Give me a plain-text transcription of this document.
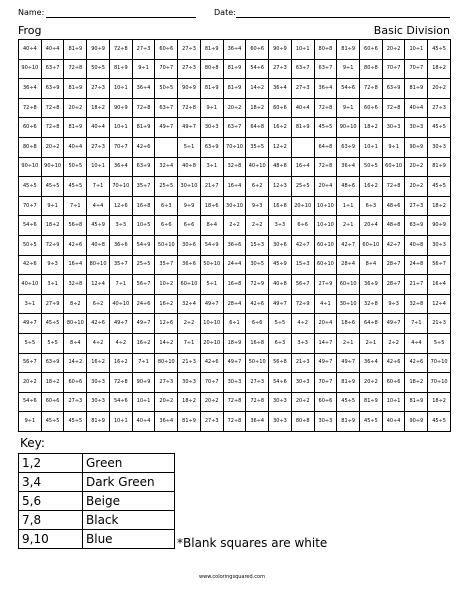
Name:	Date:
Frog	Basic Division
40÷4	40÷4	81÷9	90÷9	72÷8	27÷3	60÷6	27÷3	81÷9	36÷4	60÷6	90÷9	10÷1	80÷8	81÷9	60÷6	20÷2	10÷1	45÷5
90÷10	63÷7	72÷8	50÷5	81÷9	9÷1	70÷7	27÷3	80÷8	81÷9	54÷6	27÷3	63÷7	63÷7	9÷1	80÷8	70÷7	70÷7	18÷2
36÷4	63÷9	81÷9	27÷3	10÷1	36÷4	50÷5	90÷9	81÷9	81÷9	14÷2	36÷4	27÷3	36÷4	54÷6	72÷8	63÷9	81÷9	20÷2
72÷8	72÷8	20÷2	18÷2	90÷9	72÷8	63÷7	72÷8	9÷1	20÷2	18÷2	60÷6	40÷4	72÷8	9÷1	60÷6	72÷8	40÷4	27÷3
60÷6	72÷8	81÷9	40÷4	10÷1	81÷9	49÷7	49÷7	30÷3	63÷7	64÷8	16÷2	81÷9	45÷5	90÷10	18÷2	30÷3	30÷3	45÷5
80÷8	20÷2	40÷4	27÷3	70÷7	42÷6		5÷1	63÷9	70÷10	35÷5	12÷2		64÷8	63÷9	10÷1	9÷1	90÷9	30÷3
90÷10	90÷10	50÷5	10÷1	36÷4	63÷9	32÷4	40÷8	3÷1	32÷8	40÷10	48÷8	16÷4	72÷8	36÷4	50÷5	60÷10	20÷2	81÷9
45÷5	45÷5	45÷5	7÷1	70÷10	35÷7	25÷5	30÷10	21÷7	16÷4	6÷2	12÷3	25÷5	20÷4	48÷6	16÷2	72÷8	20÷2	45÷5
70÷7	9÷1	7÷1	4÷4	12÷6	16÷8	6÷3	9÷9	18÷6	30÷10	9÷3	16÷8	20÷10	10÷10	1÷1	6÷3	48÷6	27÷3	18÷2
54÷6	18÷2	56÷8	45÷9	3÷3	10÷5	6÷6	6÷6	8÷4	2÷2	2÷2	3÷3	6÷6	10÷10	2÷1	20÷4	48÷8	63÷9	90÷9
50÷5	72÷9	42÷6	40÷8	36÷6	54÷9	50÷10	30÷6	54÷9	36÷6	15÷3	30÷6	42÷7	60÷10	42÷7	60÷10	42÷7	40÷8	30÷3
42÷6	9÷3	16÷4	80÷10	35÷7	25÷5	35÷7	36÷6	50÷10	24÷4	30÷5	45÷9	15÷3	60÷10	28÷4	8÷4	28÷7	24÷8	56÷7
40÷10	3÷1	32÷8	12÷4	7÷1	56÷7	10÷2	60÷10	5÷1	16÷8	72÷9	40÷8	56÷7	27÷9	60÷10	36÷9	28÷7	21÷7	16÷4
3÷1	27÷9	8÷2	6÷2	40÷10	24÷6	16÷2	32÷4	49÷7	28÷4	42÷6	49÷7	72÷9	4÷1	30÷10	32÷8	9÷3	32÷8	12÷4
49÷7	45÷5	80÷10	42÷6	49÷7	49÷7	12÷6	2÷2	10÷10	6÷1	6÷6	5÷5	4÷2	20÷4	18÷6	64÷8	49÷7	7÷1	21÷3
5÷5	5÷5	8÷4	4÷2	4÷2	16÷2	14÷2	7÷1	20÷10	18÷9	16÷8	6÷3	3÷3	14÷7	2÷1	2÷1	2÷2	4÷4	5÷5
56÷7	63÷9	14÷2	16÷2	16÷2	7÷1	80÷10	21÷3	42÷6	49÷7	50÷10	56÷8	21÷3	49÷7	49÷7	36÷4	42÷6	42÷6	70÷10
20÷2	18÷2	60÷6	30÷3	72÷8	90÷9	27÷3	30÷3	70÷7	30÷3	27÷3	54÷6	30÷3	70÷7	81÷9	20÷2	60÷6	18÷2	70÷10
54÷6	60÷6	27÷3	30÷3	54÷6	10÷1	20÷2	18÷2	20÷2	72÷8	72÷8	30÷3	20÷2	60÷6	45÷5	81÷9	10÷1	81÷9	18÷2
9÷1	45÷5	45÷5	81÷9	10÷1	40÷4	36÷4	81÷9	27÷3	72÷8	36÷4	30÷3	80÷8	30÷3	81÷9	45÷5	40÷4	90÷9	45÷5
Key:
1,2	Green
3,4	Dark Green
5,6	Beige
7,8	Black
9,10	Blue	*Blank squares are white
www.coloringsquared.com
